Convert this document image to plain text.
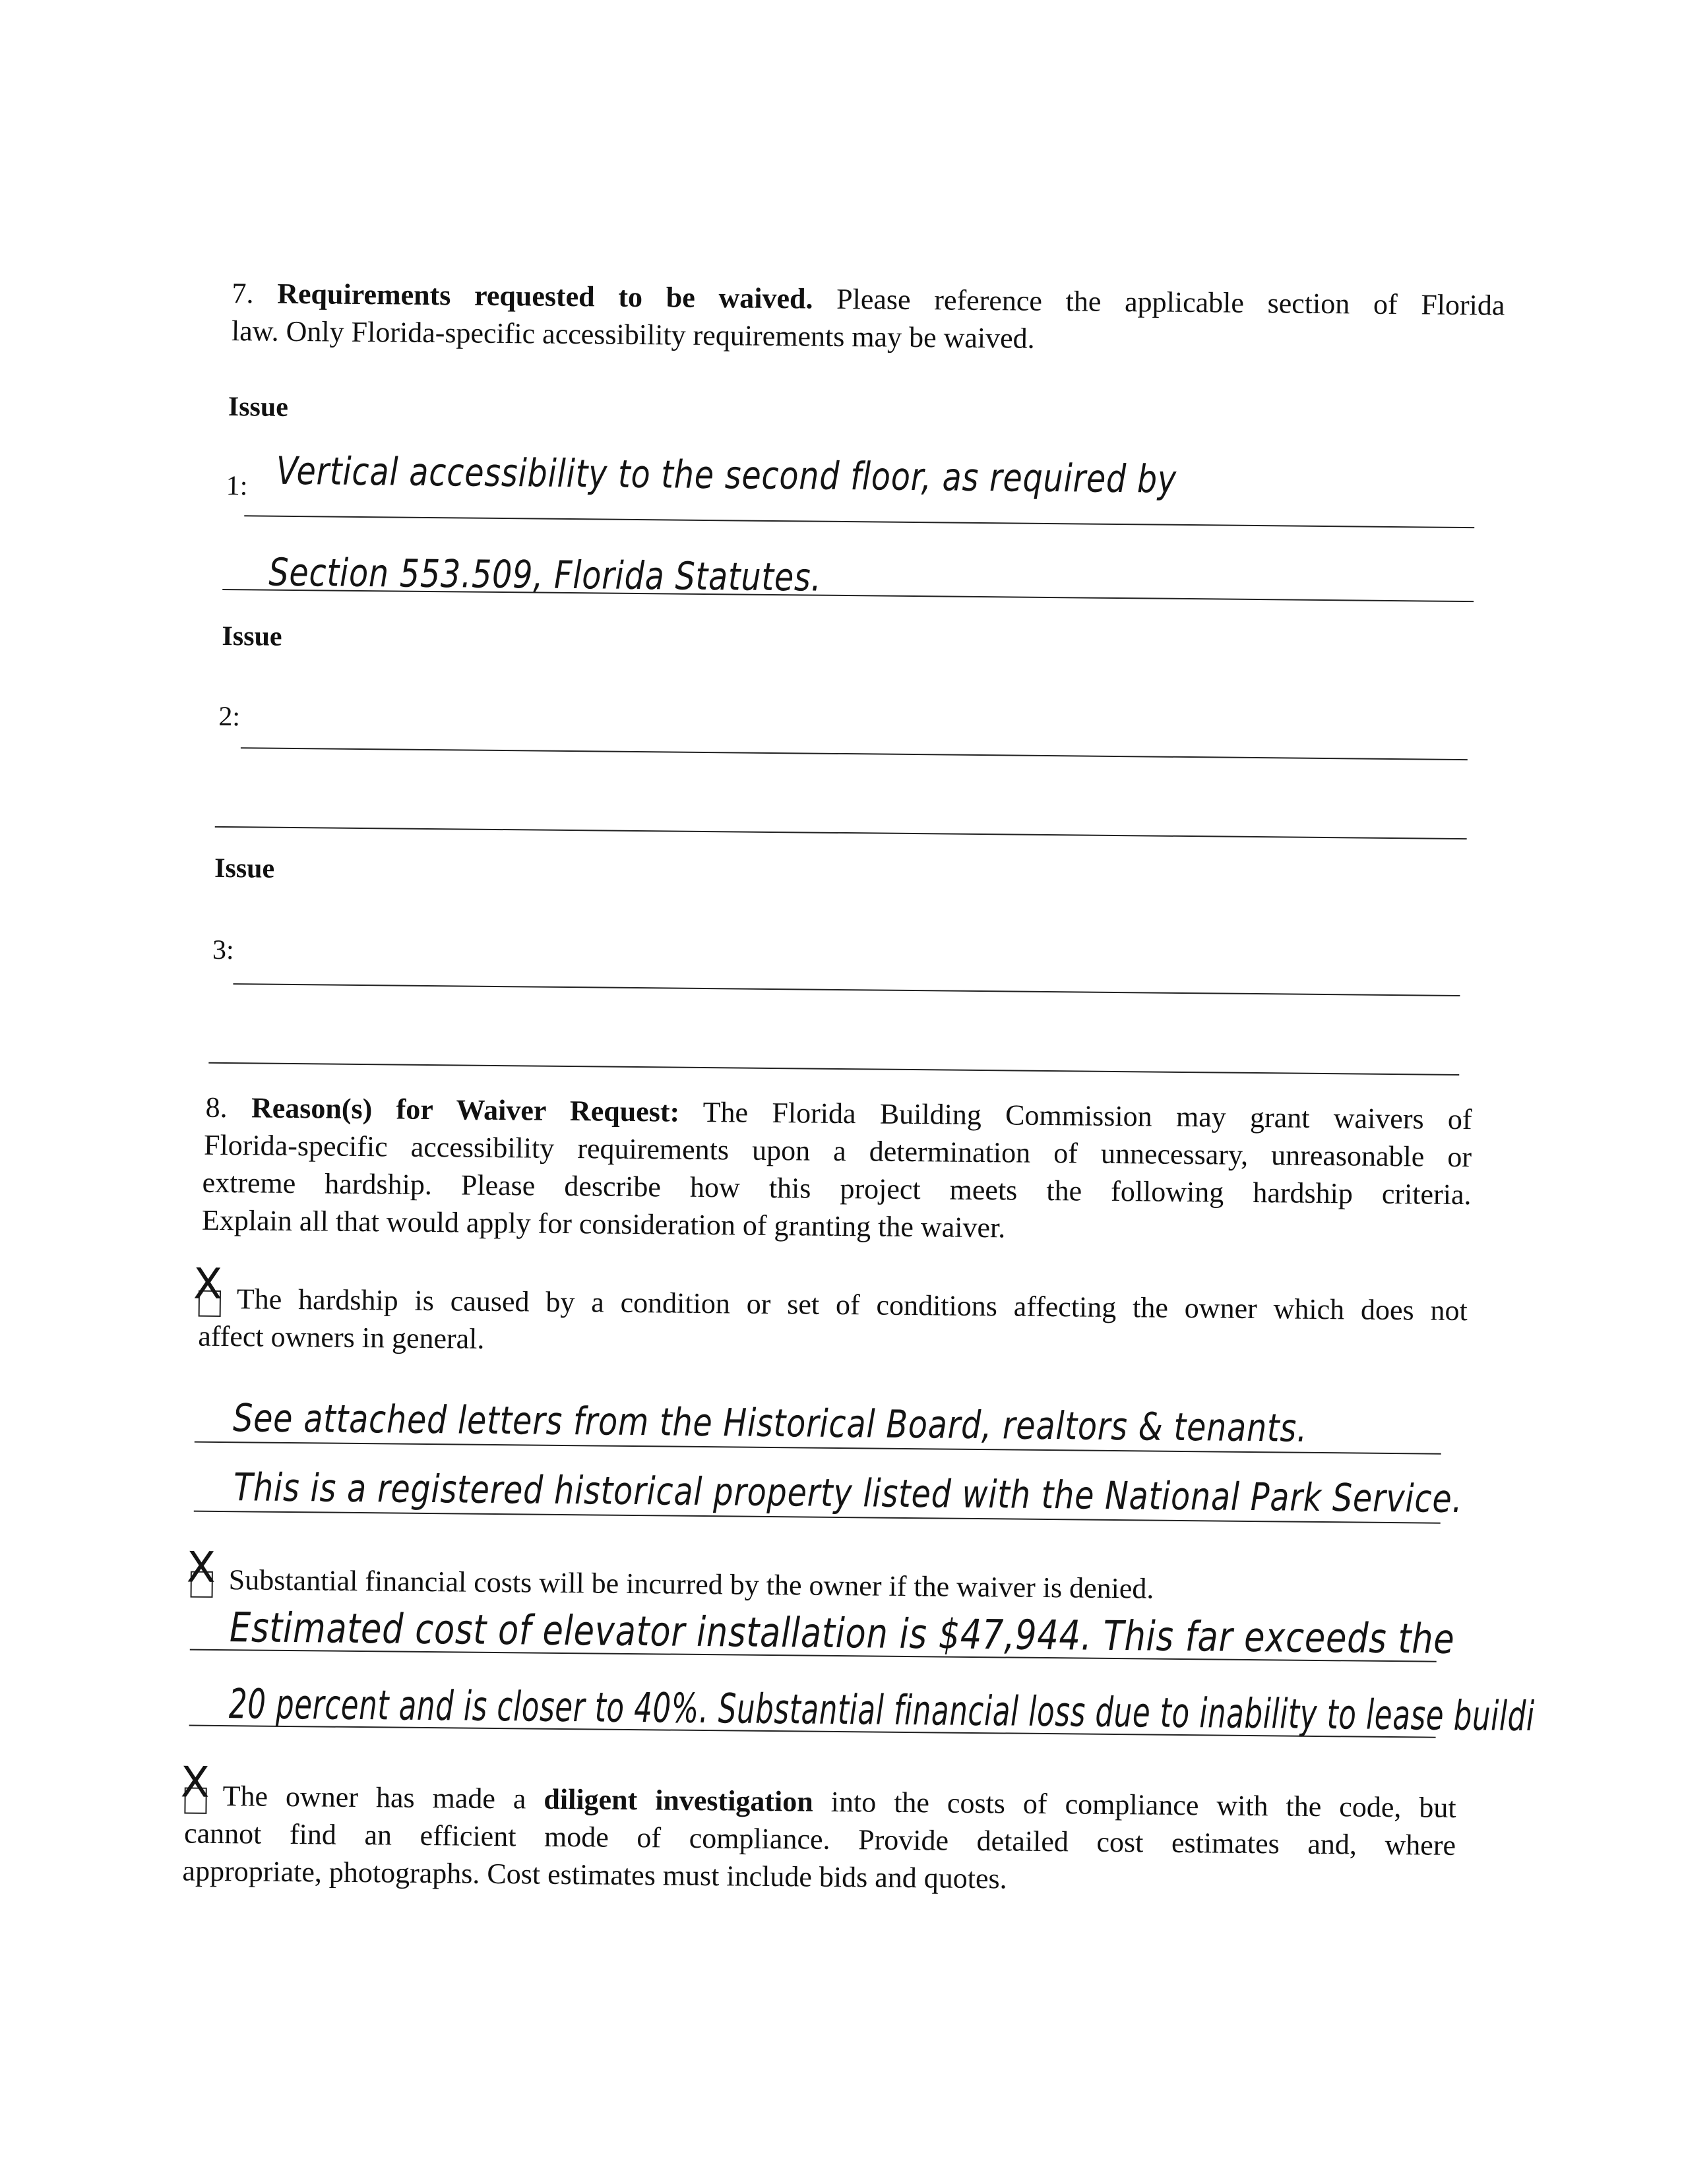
7. Requirements requested to be waived. Please reference the applicable section of Florida
law. Only Florida-specific accessibility requirements may be waived.
Issue
1: Vertical accessibility to the second floor, as required by
Section 553.509, Florida Statutes.
Issue
2:
Issue
3:
8. Reason(s) for Waiver Request: The Florida Building Commission may grant waivers of
Florida-specific accessibility requirements upon a determination of unnecessary, unreasonable or
extreme hardship. Please describe how this project meets the following hardship criteria.
Explain all that would apply for consideration of granting the waiver.
X The hardship is caused by a condition or set of conditions affecting the owner which does not
affect owners in general.
See attached letters from the Historical Board, realtors & tenants.
This is a registered historical property listed with the National Park Service.
X Substantial financial costs will be incurred by the owner if the waiver is denied.
Estimated cost of elevator installation is $47,944. This far exceeds the
20 percent and is closer to 40%. Substantial financial loss due to inability to lease buildi
X The owner has made a diligent investigation into the costs of compliance with the code, but
cannot find an efficient mode of compliance. Provide detailed cost estimates and, where
appropriate, photographs. Cost estimates must include bids and quotes.
